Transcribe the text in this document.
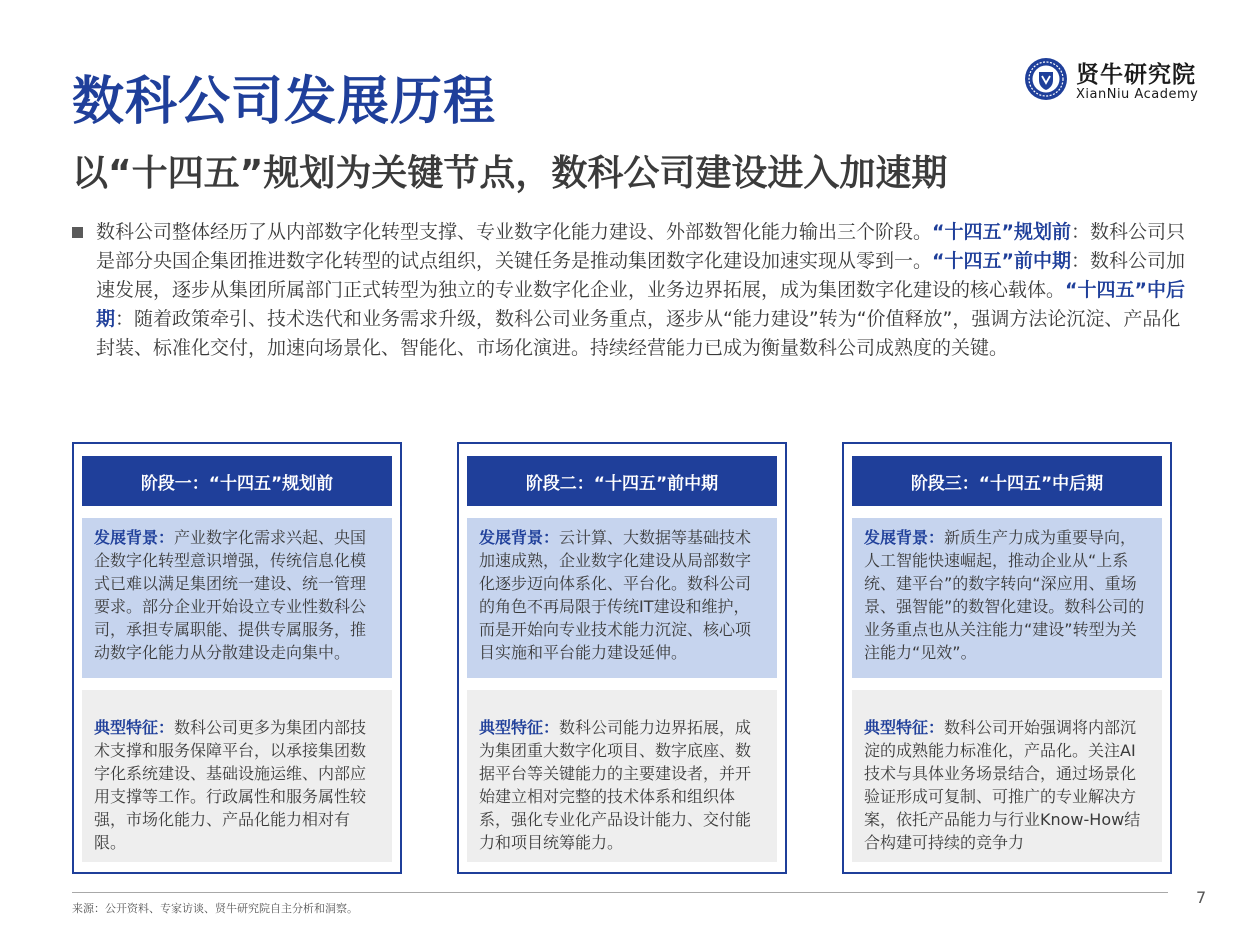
数科公司发展历程
以“十四五”规划为关键节点，数科公司建设进入加速期
贤牛研究院
XianNiu Academy
数科公司整体经历了从内部数字化转型支撑、专业数字化能力建设、外部数智化能力输出三个阶段。“十四五”规划前：数科公司只是部分央国企集团推进数字化转型的试点组织，关键任务是推动集团数字化建设加速实现从零到一。“十四五”前中期：数科公司加速发展，逐步从集团所属部门正式转型为独立的专业数字化企业，业务边界拓展，成为集团数字化建设的核心载体。“十四五”中后期：随着政策牵引、技术迭代和业务需求升级，数科公司业务重点，逐步从“能力建设”转为“价值释放”，强调方法论沉淀、产品化封装、标准化交付，加速向场景化、智能化、市场化演进。持续经营能力已成为衡量数科公司成熟度的关键。
阶段一：“十四五”规划前
发展背景：产业数字化需求兴起、央国企数字化转型意识增强，传统信息化模式已难以满足集团统一建设、统一管理要求。部分企业开始设立专业性数科公司，承担专属职能、提供专属服务，推动数字化能力从分散建设走向集中。
典型特征：数科公司更多为集团内部技术支撑和服务保障平台，以承接集团数字化系统建设、基础设施运维、内部应用支撑等工作。行政属性和服务属性较强，市场化能力、产品化能力相对有限。
阶段二：“十四五”前中期
发展背景：云计算、大数据等基础技术加速成熟，企业数字化建设从局部数字化逐步迈向体系化、平台化。数科公司的角色不再局限于传统IT建设和维护，而是开始向专业技术能力沉淀、核心项目实施和平台能力建设延伸。
典型特征：数科公司能力边界拓展，成为集团重大数字化项目、数字底座、数据平台等关键能力的主要建设者，并开始建立相对完整的技术体系和组织体系，强化专业化产品设计能力、交付能力和项目统筹能力。
阶段三：“十四五”中后期
发展背景：新质生产力成为重要导向，人工智能快速崛起，推动企业从“上系统、建平台”的数字转向“深应用、重场景、强智能”的数智化建设。数科公司的业务重点也从关注能力“建设”转型为关注能力“见效”。
典型特征：数科公司开始强调将内部沉淀的成熟能力标准化，产品化。关注AI技术与具体业务场景结合，通过场景化验证形成可复制、可推广的专业解决方案，依托产品能力与行业Know-How结合构建可持续的竞争力
来源：公开资料、专家访谈、贤牛研究院自主分析和洞察。
7
